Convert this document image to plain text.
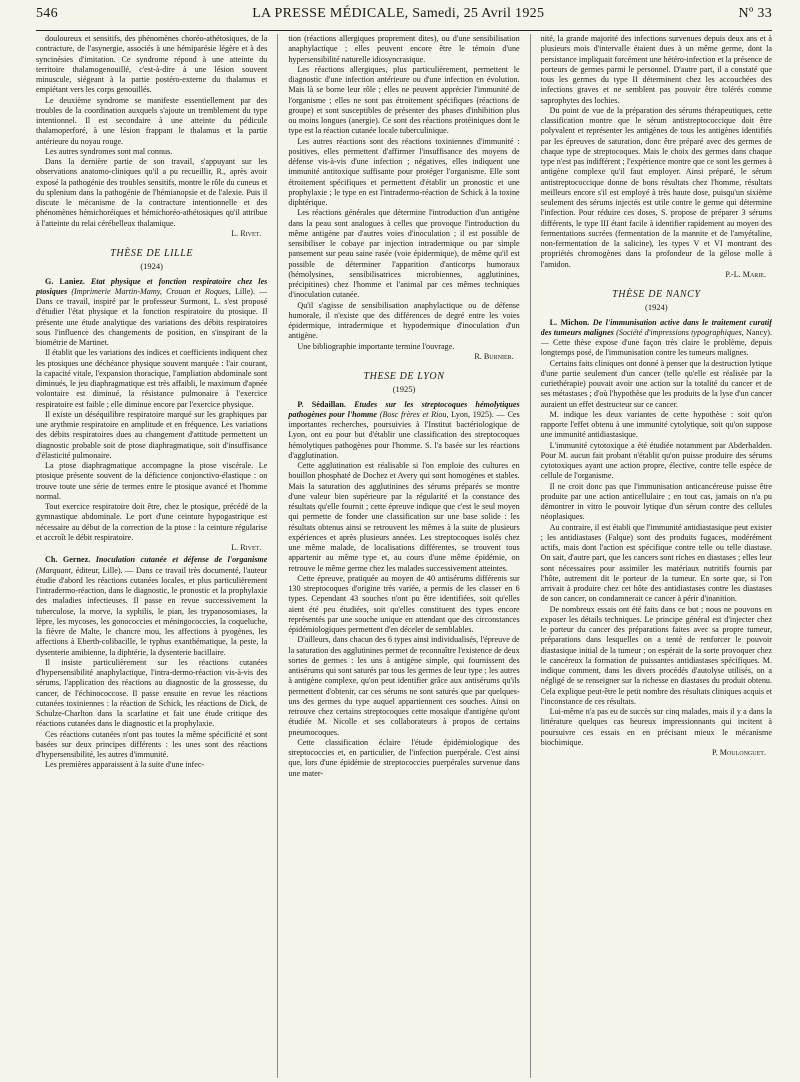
546	LA PRESSE MÉDICALE, Samedi, 25 Avril 1925	Nº 33

douloureux et sensitifs, des phénomènes choréo-athétosiques, de la contracture, de l'asynergie, associés à une hémiparésie légère et à des syncinésies d'imitation. Ce syndrome répond à une atteinte du territoire thalamogenouillé, c'est-à-dire à une lésion souvent minuscule, siégeant à la partie postéro-externe du thalamus et empiétant vers les corps genouillés.

Le deuxième syndrome se manifeste essentiellement par des troubles de la coordination auxquels s'ajoute un tremblement du type intentionnel. Il est secondaire à une atteinte du pédicule thalamoperforé, à une lésion frappant le thalamus et la partie antérieure du noyau rouge.

Les autres syndromes sont mal connus.

Dans la dernière partie de son travail, s'appuyant sur les observations anatomo-cliniques qu'il a pu recueillir, R., après avoir exposé la pathogénie des troubles sensitifs, montre le rôle du cuneus et du splenium dans la pathogénie de l'hémianopsie et de l'alexie. Puis il discute le mécanisme de la contracture intentionnelle et des phénomènes hémichoréiques et hémichoréo-athétosiques qu'il attribue à l'atteinte du relai cérébelleux thalamique.

L. Rivet.

THÈSE DE LILLE
(1924)

G. Laniez. Etat physique et fonction respiratoire chez les ptosiques (Imprimerie Martin-Mamy, Crouan et Roques, Lille). — Dans ce travail, inspiré par le professeur Surmont, L. s'est proposé d'étudier l'état physique et la fonction respiratoire du ptosique. Il présente une étude analytique des variations des débits respiratoires sous l'influence des changements de position, en s'inspirant de la biométrie de Martinet.

Il établit que les variations des indices et coefficients indiquent chez les ptosiques une déchéance physique souvent marquée : l'air courant, la capacité vitale, l'expansion thoracique, l'ampliation abdominale sont diminués, le jeu diaphragmatique est très affaibli, le maximum d'apnée volontaire est diminué, la résistance pulmonaire à l'exercice respiratoire est faible ; elle diminue encore par l'exercice physique.

Il existe un déséquilibre respiratoire marqué sur les graphiques par une arythmie respiratoire en amplitude et en fréquence. Les variations des débits respiratoires dues au changement d'attitude permettent un diagnostic probable soit de ptose diaphragmatique, soit d'insuffisance d'élasticité pulmonaire.

La ptose diaphragmatique accompagne la ptose viscérale. Le ptosique présente souvent de la déficience conjonctivo-élastique : on trouve toute une série de termes entre le ptosique avancé et l'homme normal.

Tout exercice respiratoire doit être, chez le ptosique, précédé de la gymnastique abdominale. Le port d'une ceinture hypogastrique est nécessaire au début de la correction de la ptose : la ceinture régularise et accroît le débit respiratoire.

L. Rivet.

Ch. Gernez. Inoculation cutanée et défense de l'organisme (Marquant, éditeur, Lille). — Dans ce travail très documenté, l'auteur étudie d'abord les réactions cutanées locales, et plus particulièrement l'intradermo-réaction, dans le diagnostic, le pronostic et la prophylaxie des maladies infectieuses. Il passe en revue successivement la tuberculose, la morve, la syphilis, le pian, les trypanosomiases, la lèpre, les mycoses, les gonococcies et méningococcies, la coqueluche, la fièvre de Malte, le chancre mou, les affections à pyogènes, les affections à Eberth-colibacille, le typhus exanthématique, la peste, la dysenterie amibienne, la diphtérie, la dysenterie bacillaire.

Il insiste particulièrement sur les réactions cutanées d'hypersensibilité anaphylactique, l'intra-dermo-réaction vis-à-vis des sérums, l'application des réactions au diagnostic de la grossesse, du cancer, de l'échinococcose. Il passe ensuite en revue les réactions cutanées toxiniennes : la réaction de Schick, les réactions de Dick, de Schulze-Charlton dans la scarlatine et fait une étude critique des réactions cutanées dans le diagnostic et la prophylaxie.

Ces réactions cutanées n'ont pas toutes la même spécificité et sont basées sur deux principes différents : les unes sont des réactions d'hypersensibilité, les autres d'immunité.

Les premières apparaissent à la suite d'une infec-

tion (réactions allergiques proprement dites), ou d'une sensibilisation anaphylactique ; elles peuvent encore être le témoin d'une hypersensibilité naturelle idiosyncrasique.

Les réactions allergiques, plus particulièrement, permettent le diagnostic d'une infection antérieure ou d'une infection en évolution. Mais là se borne leur rôle ; elles ne peuvent apprécier l'immunité de l'organisme ; elles ne sont pas étroitement spécifiques (réactions de groupe) et sont susceptibles de présenter des phases d'inhibition plus ou moins longues (anergie). Ce sont des réactions protéiniques dont le type est la réaction cutanée locale tuberculinique.

Les autres réactions sont des réactions toxiniennes d'immunité : positives, elles permettent d'affirmer l'insuffisance des moyens de défense vis-à-vis d'une infection ; négatives, elles indiquent une immunité antitoxique suffisante pour protéger l'organisme. Elle sont étroitement spécifiques et permettent d'établir un pronostic et une prophylaxie ; le type en est l'intradermo-réaction de Schick à la toxine diphtérique.

Les réactions générales que détermine l'introduction d'un antigène dans la peau sont analogues à celles que provoque l'introduction du même antigène par d'autres voies d'inoculation ; il est possible de sensibiliser le cobaye par injection intradermique ou par simple pansement sur peau saine rasée (voie épidermique), de même qu'il est possible de déterminer l'apparition d'anticorps humoraux (hémolysines, sensibilisatrices microbiennes, agglutinines, précipitines) chez l'homme et l'animal par ces mêmes techniques d'inoculation cutanée.

Qu'il s'agisse de sensibilisation anaphylactique ou de défense humorale, il n'existe que des différences de degré entre les voies épidermique, intradermique et hypodermique d'inoculation d'un antigène.

Une bibliographie importante termine l'ouvrage.

R. Burnier.

THESE DE LYON
(1925)

P. Sédaillan. Etudes sur les streptocoques hémolytiques pathogènes pour l'homme (Bosc frères et Riou, Lyon, 1925). — Ces importantes recherches, poursuivies à l'Institut bactériologique de Lyon, ont eu pour but d'établir une classification des streptocoques hémolytiques pathogènes pour l'homme. S. l'a basée sur les réactions d'agglutination.

Cette agglutination est réalisable si l'on emploie des cultures en bouillon phosphaté de Dochez et Avery qui sont homogènes et stables. Mais la saturation des agglutinines des sérums préparés se montre d'une valeur bien supérieure par la régularité et la constance des résultats qu'elle fournit ; cette épreuve indique que c'est le seul moyen qui permette de fonder une classification sur une base solide : les résultats obtenus ainsi se retrouvent les mêmes à la suite de plusieurs expériences et après plusieurs années. Les streptocoques isolés chez une même malade, de localisations différentes, se trouvent tous appartenir au même type et, au cours d'une même épidémie, on retrouve le même germe chez les malades successivement atteintes.

Cette épreuve, pratiquée au moyen de 40 antisérums différents sur 130 streptocoques d'origine très variée, a permis de les classer en 6 types. Cependant 43 souches n'ont pu être identifiées, soit qu'elles aient été peu étudiées, soit qu'elles constituent des types encore représentés par une souche unique en attendant que des circonstances épidémiologiques permettent d'en déceler de semblables.

D'ailleurs, dans chacun des 6 types ainsi individualisés, l'épreuve de la saturation des agglutinines permet de reconnaître l'existence de deux sortes de germes : les uns à antigène simple, qui fournissent des antisérums qui sont saturés par tous les germes de leur type ; les autres à antigène complexe, qu'on peut identifier grâce aux antisérums qu'ils permettent d'obtenir, car ces sérums ne sont saturés que par quelques-uns des germes du type auquel appartiennent ces souches. Ainsi on retrouve chez certains streptocoques cette mosaïque d'antigène qu'ont étudiée M. Nicolle et ses collaborateurs à propos de certains pneumocoques.

Cette classification éclaire l'étude épidémiologique des streptococcies et, en particulier, de l'infection puerpérale. C'est ainsi que, lors d'une épidémie de streptococcies puerpérales survenue dans une mater-

nité, la grande majorité des infections survenues depuis deux ans et à plusieurs mois d'intervalle étaient dues à un même germe, dont la persistance impliquait forcément une hétéro-infection et la présence de porteurs de germes parmi le personnel. D'autre part, il a constaté que tous les germes du type II déterminent chez les accouchées des infections graves et ne semblent pas pouvoir être tolérés comme saprophytes des lochies.

Du point de vue de la préparation des sérums thérapeutiques, cette classification montre que le sérum antistreptococcique doit être polyvalent et représenter les antigènes de tous les antigènes identifiés par les épreuves de saturation, donc être préparé avec des germes de chaque type de streptocoques. Mais le choix des germes dans chaque type n'est pas indifférent ; l'expérience montre que ce sont les germes à antigène complexe qu'il faut employer. Ainsi préparé, le sérum antistreptococcique donne de bons résultats chez l'homme, résultats meilleurs encore s'il est employé à très haute dose, puisqu'un sixième seulement des sérums injectés est utile contre le germe qui détermine l'infection. Pour réduire ces doses, S. propose de préparer 3 sérums différents, le type III étant facile à identifier rapidement au moyen des fermentations sucrées (fermentation de la mannite et de l'amyétaline, non-fermentation de la salicine), les types V et VI montrant des propriétés chromogènes dans la profondeur de la gélose molle à l'amidon.

P.-L. Marie.

THÈSE DE NANCY
(1924)

L. Michon. De l'immunisation active dans le traitement curatif des tumeurs malignes (Société d'impressions typographiques, Nancy). — Cette thèse expose d'une façon très claire le problème, depuis longtemps posé, de l'immunisation contre les tumeurs malignes.

Certains faits cliniques ont donné à penser que la destruction lytique d'une partie seulement d'un cancer (telle qu'elle est réalisée par la curiethérapie) pouvait avoir une action sur la totalité du cancer et de ses métastases ; d'où l'hypothèse que les produits de la lyse d'un cancer auraient un effet destructeur sur ce cancer.

M. indique les deux variantes de cette hypothèse : soit qu'on rapporte l'effet obtenu à une immunité cytolytique, soit qu'on suppose une immunité antidiastasique.

L'immunité cytotoxique a été étudiée notamment par Abderhalden. Pour M. aucun fait probant n'établit qu'on puisse produire des sérums cytotoxiques ayant une action propre, élective, contre telle espèce de cellule de l'organisme.

Il ne croit donc pas que l'immunisation anticancéreuse puisse être produite par une action anticellulaire ; en tout cas, jamais on n'a pu démontrer in vitro le pouvoir lytique d'un sérum contre des cellules néoplasiques.

Au contraire, il est établi que l'immunité antidiastasique peut exister ; les antidiastases (Falque) sont des produits fugaces, modérément actifs, mais dont l'action est spécifique contre telle ou telle diastase. On sait, d'autre part, que les cancers sont riches en diastases ; elles leur sont nécessaires pour assimiler les matériaux nutritifs fournis par l'hôte, autrement dit le porteur de la tumeur. En sorte que, si l'on arrivait à produire chez cet hôte des antidiastases contre les diastases de son cancer, on condamnerait ce cancer à périr d'inanition.

De nombreux essais ont été faits dans ce but ; nous ne pouvons en exposer les détails techniques. Le principe général est d'injecter chez le porteur du cancer des préparations faites avec sa propre tumeur, préparations dans lesquelles on a tenté de renforcer le pouvoir diastasique initial de la tumeur ; on espérait de la sorte provoquer chez le cancéreux la formation de puissantes antidiastases spécifiques. M. indique comment, dans les divers procédés d'autolyse utilisés, on a négligé de se renseigner sur la richesse en diastases du produit obtenu. Cela explique peut-être le petit nombre des résultats cliniques acquis et l'inconstance de ces résultats.

Lui-même n'a pas eu de succès sur cinq malades, mais il y a dans la littérature quelques cas heureux impressionnants qui incitent à poursuivre ces essais en en précisant mieux le mécanisme biochimique.

P. Moulonguet.
